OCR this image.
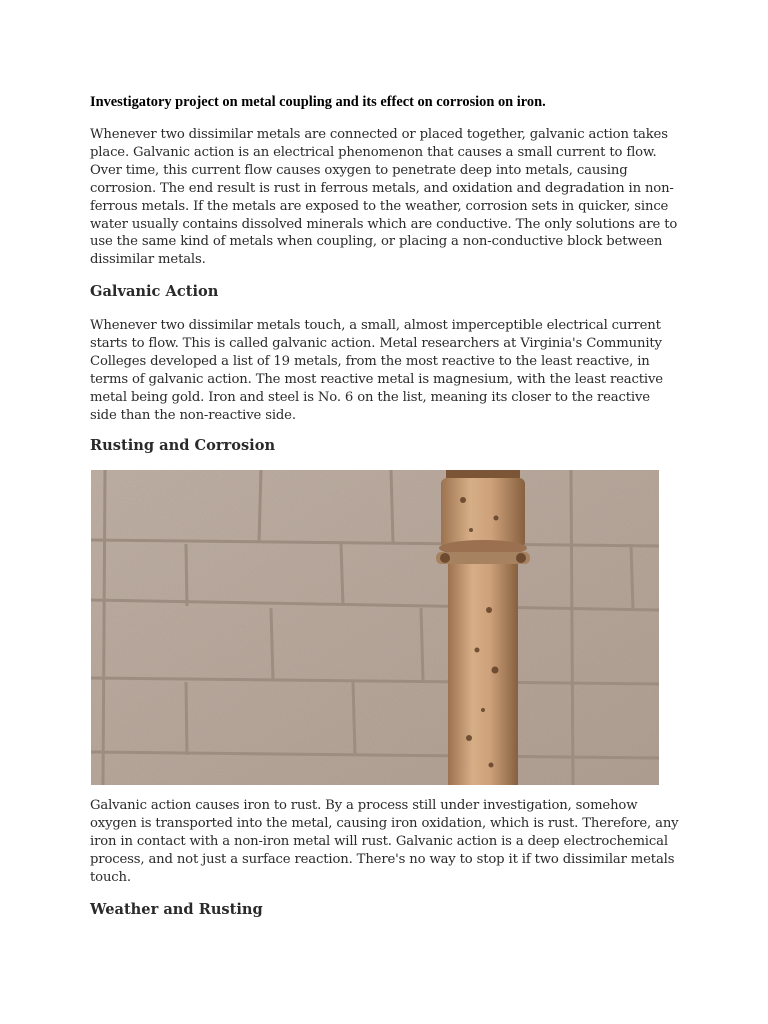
Investigatory project on metal coupling and its effect on corrosion on iron.

Whenever two dissimilar metals are connected or placed together, galvanic action takes place. Galvanic action is an electrical phenomenon that causes a small current to flow. Over time, this current flow causes oxygen to penetrate deep into metals, causing corrosion. The end result is rust in ferrous metals, and oxidation and degradation in non-ferrous metals. If the metals are exposed to the weather, corrosion sets in quicker, since water usually contains dissolved minerals which are conductive. The only solutions are to use the same kind of metals when coupling, or placing a non-conductive block between dissimilar metals.

Galvanic Action

Whenever two dissimilar metals touch, a small, almost imperceptible electrical current starts to flow. This is called galvanic action. Metal researchers at Virginia's Community Colleges developed a list of 19 metals, from the most reactive to the least reactive, in terms of galvanic action. The most reactive metal is magnesium, with the least reactive metal being gold. Iron and steel is No. 6 on the list, meaning its closer to the reactive side than the non-reactive side.

Rusting and Corrosion

Galvanic action causes iron to rust. By a process still under investigation, somehow oxygen is transported into the metal, causing iron oxidation, which is rust. Therefore, any iron in contact with a non-iron metal will rust. Galvanic action is a deep electrochemical process, and not just a surface reaction. There's no way to stop it if two dissimilar metals touch.

Weather and Rusting
